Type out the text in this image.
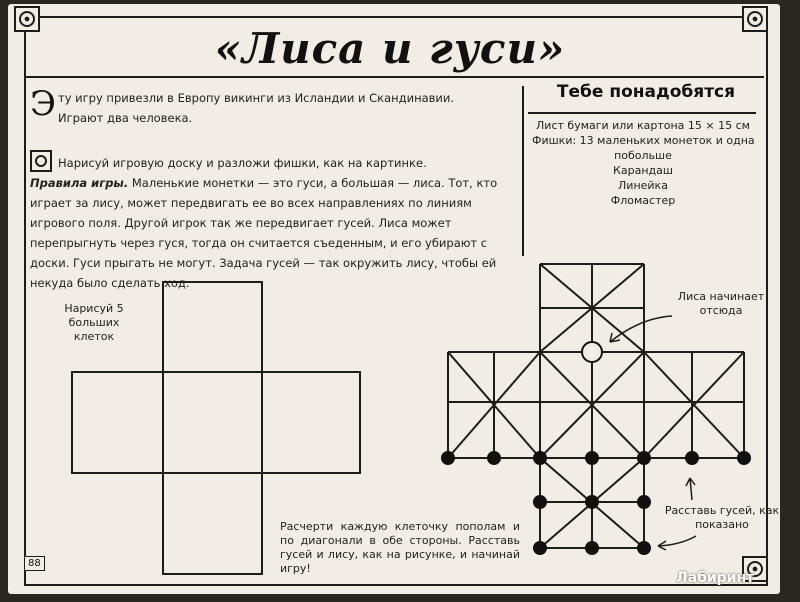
«Лиса и гуси»
Э ту игру привезли в Европу викинги из Исландии и Скандинавии. Играют два человека.
Нарисуй игровую доску и разложи фишки, как на картинке.
Правила игры. Маленькие монетки — это гуси, а большая — лиса. Тот, кто играет за лису, может передвигать ее во всех направлениях по линиям игрового поля. Другой игрок так же передвигает гусей. Лиса может перепрыгнуть через гуся, тогда он считается съеденным, и его убирают с доски. Гуси прыгать не могут. Задача гусей — так окружить лису, чтобы ей некуда было сделать ход.
Тебе понадобятся
Лист бумаги или картона 15 × 15 см
Фишки: 13 маленьких монеток и одна
побольше
Карандаш
Линейка
Фломастер
Нарисуй 5 больших клеток
Лиса начинает отсюда
Расставь гусей, как показано
Расчерти каждую клеточку пополам и по диагонали в обе стороны. Расставь гусей и лису, как на рисунке, и начинай игру!
88
Лабиринт
